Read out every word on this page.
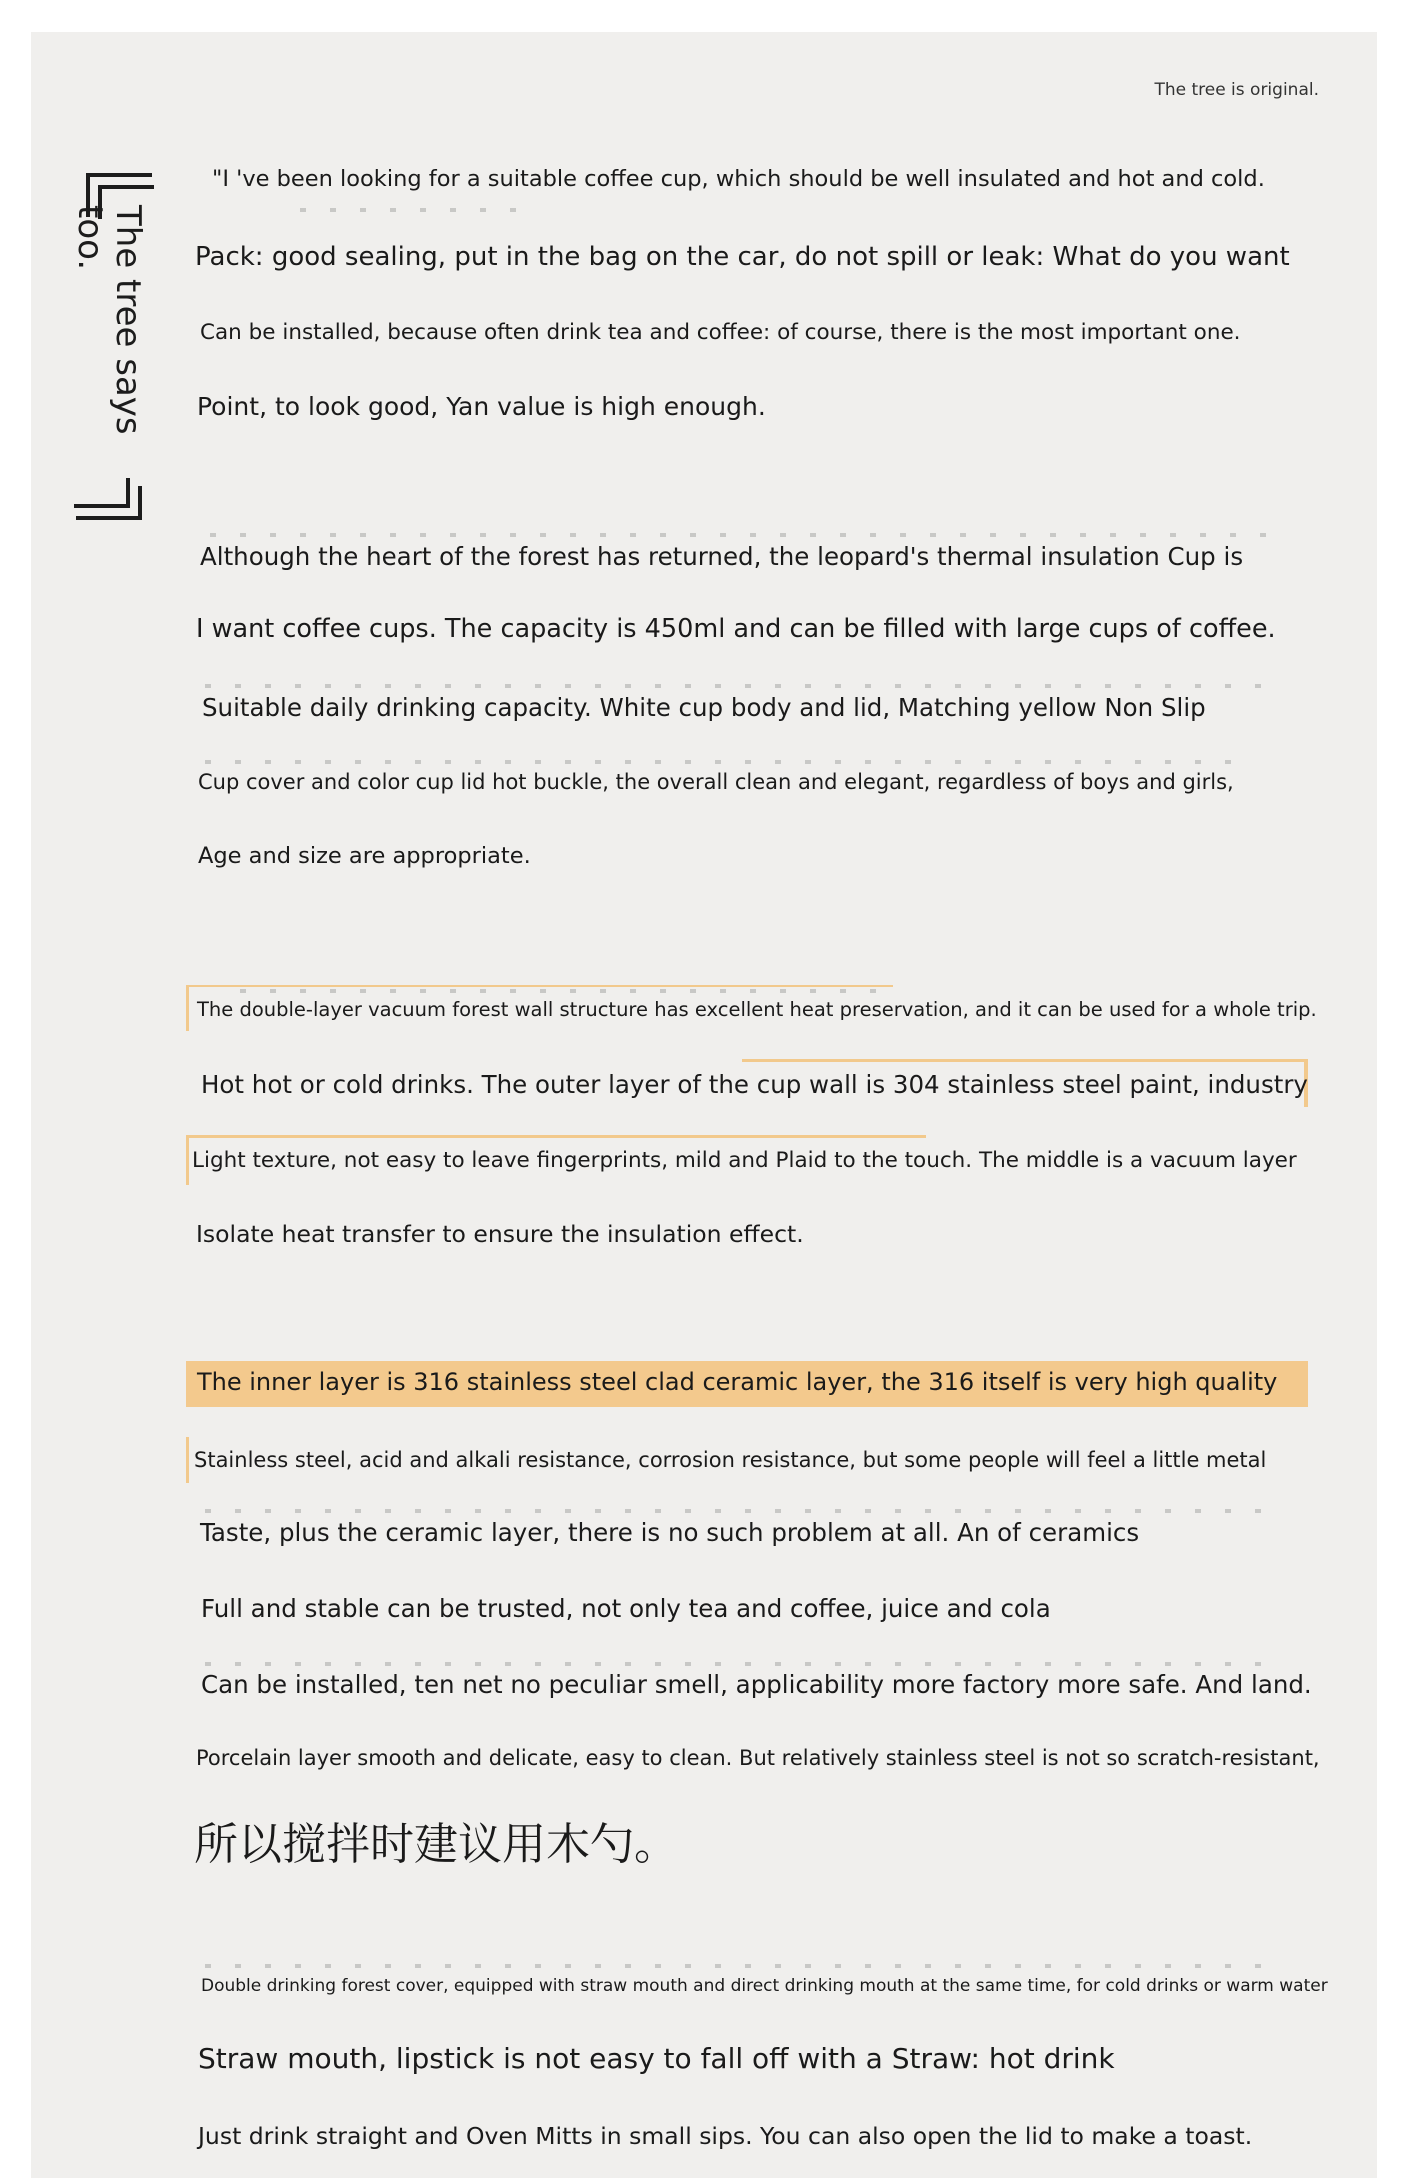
The tree is original.
The tree says
too.
"I 've been looking for a suitable coffee cup, which should be well insulated and hot and cold.
Pack: good sealing, put in the bag on the car, do not spill or leak: What do you want
Can be installed, because often drink tea and coffee: of course, there is the most important one.
Point, to look good, Yan value is high enough.
Although the heart of the forest has returned, the leopard's thermal insulation Cup is
I want coffee cups. The capacity is 450ml and can be filled with large cups of coffee.
Suitable daily drinking capacity. White cup body and lid, Matching yellow Non Slip
Cup cover and color cup lid hot buckle, the overall clean and elegant, regardless of boys and girls,
Age and size are appropriate.
The double-layer vacuum forest wall structure has excellent heat preservation, and it can be used for a whole trip.
Hot hot or cold drinks. The outer layer of the cup wall is 304 stainless steel paint, industry
Light texture, not easy to leave fingerprints, mild and Plaid to the touch. The middle is a vacuum layer
Isolate heat transfer to ensure the insulation effect.
The inner layer is 316 stainless steel clad ceramic layer, the 316 itself is very high quality
Stainless steel, acid and alkali resistance, corrosion resistance, but some people will feel a little metal
Taste, plus the ceramic layer, there is no such problem at all. An of ceramics
Full and stable can be trusted, not only tea and coffee, juice and cola
Can be installed, ten net no peculiar smell, applicability more factory more safe. And land.
Porcelain layer smooth and delicate, easy to clean. But relatively stainless steel is not so scratch-resistant,
所以搅拌时建议用木勺。
Double drinking forest cover, equipped with straw mouth and direct drinking mouth at the same time, for cold drinks or warm water
Straw mouth, lipstick is not easy to fall off with a Straw: hot drink
Just drink straight and Oven Mitts in small sips. You can also open the lid to make a toast.
